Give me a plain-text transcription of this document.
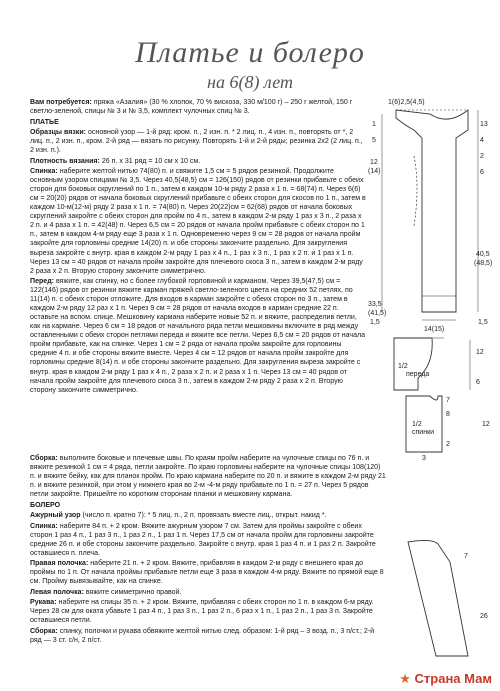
Платье и болеро
на 6(8) лет

Вам потребуется: пряжа «Азалия» (30 % хлопок, 70 % вискоза, 330 м/100 г) – 250 г желтой, 150 г светло-зеленой, спицы № 3 и № 3,5, комплект чулочных спиц № 3.

ПЛАТЬЕ

Образцы вязки: основной узор — 1-й ряд: кром. п., 2 изн. п. * 2 лиц. п., 4 изн. п., повторять от *, 2 лиц. п., 2 изн. п., кром. 2-й ряд — вязать по рисунку. Повторять 1-й и 2-й ряды; резинка 2х2 (2 лиц. п., 2 изн. п.).

Плотность вязания: 26 п. х 31 ряд = 10 см х 10 см.

Спинка: наберите желтой нитью 74(80) п. и свяжите 1,5 см = 5 рядов резинкой. Продолжите основным узором спицами № 3,5. Через 40,5(48,5) см = 126(150) рядов от резинки прибавьте с обеих сторон для боковых скруглений по 1 п., затем в каждом 10-м ряду 2 раза х 1 п. = 68(74) п. Через 6(6) см = 20(20) рядов от начала боковых скруглений прибавьте с обеих сторон для скосов по 1 п., затем в каждом 10-м(12-м) ряду 2 раза х 1 п. = 74(80) п. Через 20(22)см = 62(68) рядов от начала боковых скруглений закройте с обеих сторон для пройм по 4 п., затем в каждом 2-м ряду 1 раз х 3 п., 2 раза х 2 п. и 4 раза х 1 п. = 42(48) п. Через 6,5 см = 20 рядов от начала пройм прибавьте с обеих сторон по 1 п., затем в каждом 4-м ряду еще 3 раза х 1 п. Одновременно через 9 см = 28 рядов от начала пройм закройте для горловины средние 14(20) п. и обе стороны закончите раздельно. Для закругления выреза закройте с внутр. края в каждом 2-м ряду 1 раз х 4 п., 1 раз х 3 п., 1 раз х 2 п. и 1 раз х 1 п. Через 13 см = 40 рядов от начала пройм закройте для плечевого скоса 3 п., затем в каждом 2-м ряду 2 раза х 2 п. Вторую сторону закончите симметрично.

Перед: вяжите, как спинку, но с более глубокой горловиной и карманом. Через 39,5(47,5) см = 122(146) рядов от резинки вяжите карман пряжей светло-зеленого цвета на средних 52 петлях, по 11(14) п. с обеих сторон отложите. Для входов в карман закройте с обеих сторон по 3 п., затем в каждом 2-м ряду 12 раз х 1 п. Через 9 см = 28 рядов от начала входов в карман средние 22 п. оставьте на вспом. спице. Мешковину кармана наберите новые 52 п. и вяжите, распределив петли, как на кармане. Через 6 см = 18 рядов от начального ряда петли мешковины включите в ряд между оставленными с обеих сторон петлями переда и вяжите все петли. Через 6,5 см = 20 рядов от начала пройм прибавьте, как на спинке. Через 1 см = 2 ряда от начала пройм закройте для горловины средние 4 п. и обе стороны вяжите вместе. Через 4 см = 12 рядов от начала пройм закройте для горловины средние 8(14) п. и обе стороны закончите раздельно. Для закругления выреза закройте с внутр. края в каждом 2-м ряду 1 раз х 4 п., 2 раза х 2 п. и 2 раза х 1 п. Через 13 см = 40 рядов от начала пройм закройте для плечевого скоса 3 п., затем в каждом 2-м ряду 2 раза х 2 п. Вторую сторону закончите симметрично.

Сборка: выполните боковые и плечевые швы. По краям пройм наберите на чулочные спицы по 76 п. и вяжите резинкой 1 см = 4 ряда, петли закройте. По краю горловины наберите на чулочные спицы 108(120) п. и вяжите бейку, как для планок пройм. По краю кармана наберите по 20 п. и вяжите в каждом 2-м ряду 21 п. и вяжите резинкой, при этом у нижнего края во 2-м -4-м ряду прибавьте по 1 п. = 27 п. Через 5 рядов петли закройте. Пришейте по коротким сторонам планки и мешковину кармана.

БОЛЕРО

Ажурный узор (число п. кратно 7): * 5 лиц. п., 2 п. провязать вместе лиц., открыт. накид *.

Спинка: наберите 84 п. + 2 кром. Вяжите ажурным узором 7 см. Затем для проймы закройте с обеих сторон 1 раз 4 п., 1 раз 3 п., 1 раз 2 п., 1 раз 1 п. Через 17,5 см от начала пройм для горловины закройте средние 26 п. и обе стороны закончите раздельно. Закройте с внутр. края 1 раз 4 п. и 1 раз 2 п. Закройте оставшиеся п. плеча.

Правая полочка: наберите 21 п. + 2 кром. Вяжите, прибавляя в каждом 2-м ряду с внешнего края до проймы по 1 п. От начала проймы прибавьте петли еще 3 раза в каждом 4-м ряду. Вяжите по прямой еще 8 см. Пройму вывязывайте, как на спинке.

Левая полочка: вяжите симметрично правой.

Рукава: наберите на спицы 35 п. + 2 кром. Вяжите, прибавляя с обеих сторон по 1 п. в каждом 6-м ряду. Через 28 см для оката убавьте 1 раз 4 п., 1 раз 3 п., 1 раз 2 п., 6 раз х 1 п., 1 раз 2 п., 1 раз 3 п. Закройте оставшиеся петли.

Сборка: спинку, полочки и рукава обвяжите желтой нитью след. образом: 1-й ряд – 3 возд. п., 3 п/ст.; 2-й ряд — 3 ст. с/н, 2 п/ст.

1(6)2,5(4,5)
1
5
12
(14)
33,5
(41,5)
1,5
13
4
2
6
40,5
(48,5)
1,5
14(15)
1/2
переда
12
6
1/2
спинки
7
8
12
2
3
7
26
★ Страна Мам
